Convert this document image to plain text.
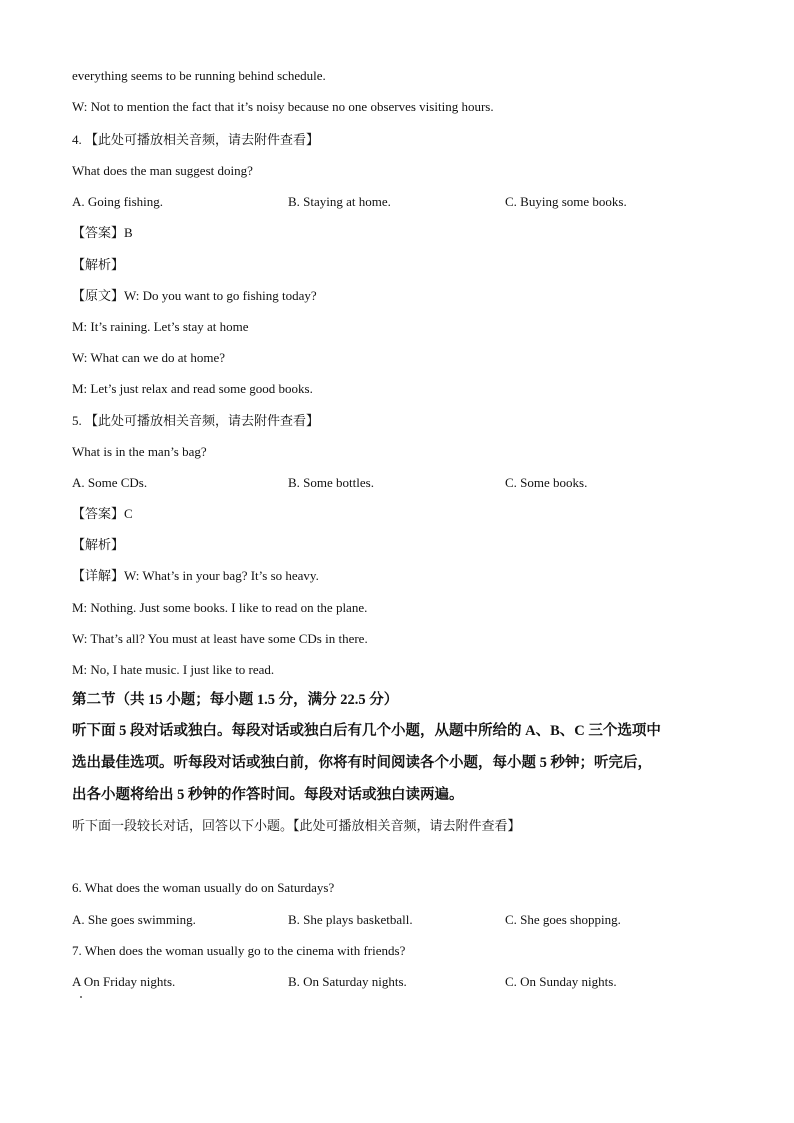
everything seems to be running behind schedule.
W: Not to mention the fact that it’s noisy because no one observes visiting hours.
4. 【此处可播放相关音频，请去附件查看】
What does the man suggest doing?
A. Going fishing.	B. Staying at home.	C. Buying some books.
【答案】B
【解析】
【原文】W: Do you want to go fishing today?
M: It’s raining. Let’s stay at home
W: What can we do at home?
M: Let’s just relax and read some good books.
5. 【此处可播放相关音频，请去附件查看】
What is in the man’s bag?
A. Some CDs.	B. Some bottles.	C. Some books.
【答案】C
【解析】
【详解】W: What’s in your bag? It’s so heavy.
M: Nothing. Just some books. I like to read on the plane.
W: That’s all? You must at least have some CDs in there.
M: No, I hate music. I just like to read.
第二节（共 15 小题；每小题 1.5 分，满分 22.5 分）
听下面 5 段对话或独白。每段对话或独白后有几个小题，从题中所给的 A、B、C 三个选项中
选出最佳选项。听每段对话或独白前，你将有时间阅读各个小题，每小题 5 秒钟；听完后，
出各小题将给出 5 秒钟的作答时间。每段对话或独白读两遍。
听下面一段较长对话，回答以下小题。【此处可播放相关音频，请去附件查看】
6. What does the woman usually do on Saturdays?
A. She goes swimming.	B. She plays basketball.	C. She goes shopping.
7. When does the woman usually go to the cinema with friends?
A On Friday nights.	B. On Saturday nights.	C. On Sunday nights.
